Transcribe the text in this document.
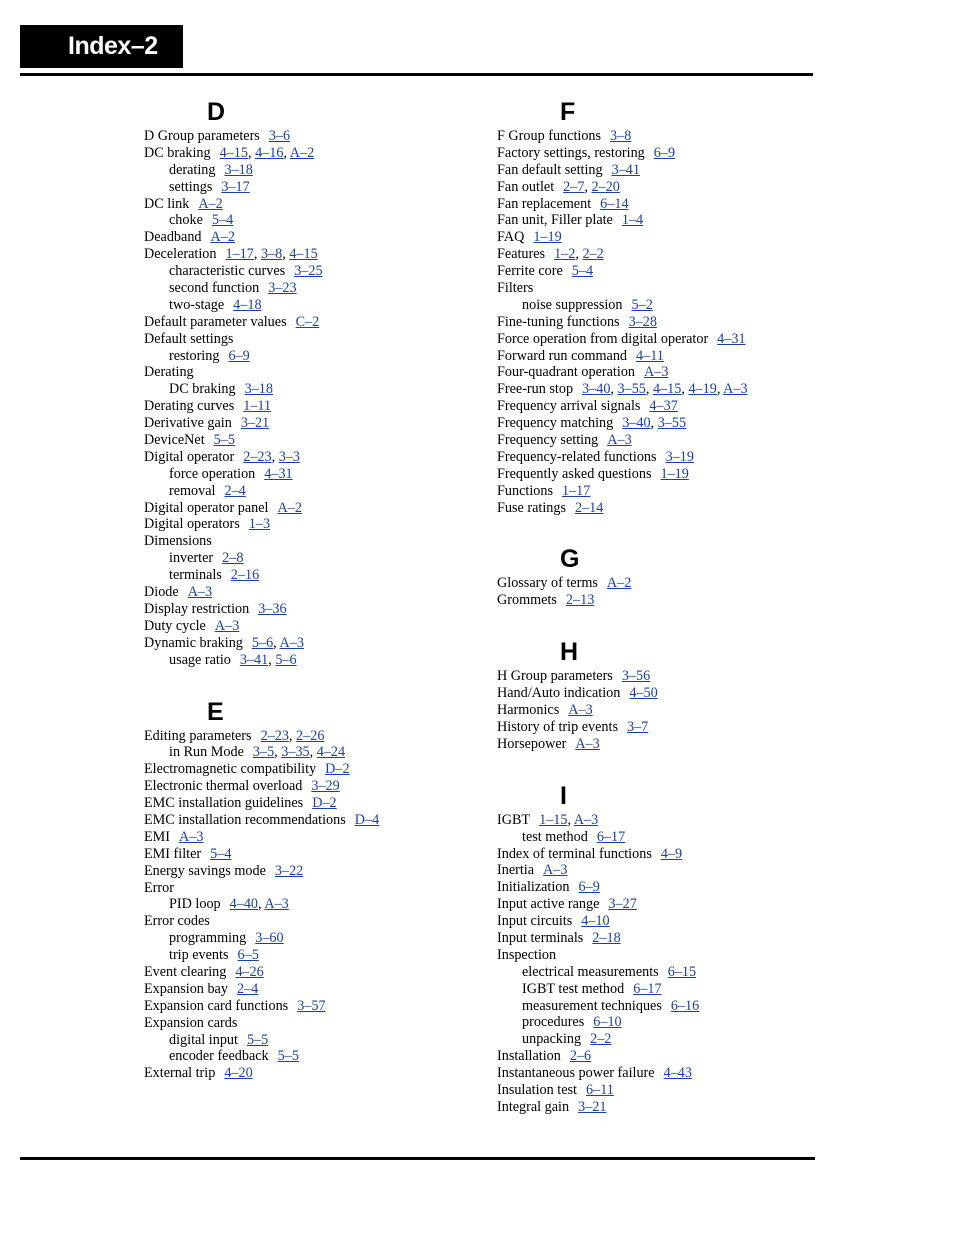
Index–2
D
D Group parameters 3–6
DC braking 4–15, 4–16, A–2
derating 3–18
settings 3–17
DC link A–2
choke 5–4
Deadband A–2
Deceleration 1–17, 3–8, 4–15
characteristic curves 3–25
second function 3–23
two-stage 4–18
Default parameter values C–2
Default settings
restoring 6–9
Derating
DC braking 3–18
Derating curves 1–11
Derivative gain 3–21
DeviceNet 5–5
Digital operator 2–23, 3–3
force operation 4–31
removal 2–4
Digital operator panel A–2
Digital operators 1–3
Dimensions
inverter 2–8
terminals 2–16
Diode A–3
Display restriction 3–36
Duty cycle A–3
Dynamic braking 5–6, A–3
usage ratio 3–41, 5–6
E
Editing parameters 2–23, 2–26
in Run Mode 3–5, 3–35, 4–24
Electromagnetic compatibility D–2
Electronic thermal overload 3–29
EMC installation guidelines D–2
EMC installation recommendations D–4
EMI A–3
EMI filter 5–4
Energy savings mode 3–22
Error
PID loop 4–40, A–3
Error codes
programming 3–60
trip events 6–5
Event clearing 4–26
Expansion bay 2–4
Expansion card functions 3–57
Expansion cards
digital input 5–5
encoder feedback 5–5
External trip 4–20
F
F Group functions 3–8
Factory settings, restoring 6–9
Fan default setting 3–41
Fan outlet 2–7, 2–20
Fan replacement 6–14
Fan unit, Filler plate 1–4
FAQ 1–19
Features 1–2, 2–2
Ferrite core 5–4
Filters
noise suppression 5–2
Fine-tuning functions 3–28
Force operation from digital operator 4–31
Forward run command 4–11
Four-quadrant operation A–3
Free-run stop 3–40, 3–55, 4–15, 4–19, A–3
Frequency arrival signals 4–37
Frequency matching 3–40, 3–55
Frequency setting A–3
Frequency-related functions 3–19
Frequently asked questions 1–19
Functions 1–17
Fuse ratings 2–14
G
Glossary of terms A–2
Grommets 2–13
H
H Group parameters 3–56
Hand/Auto indication 4–50
Harmonics A–3
History of trip events 3–7
Horsepower A–3
I
IGBT 1–15, A–3
test method 6–17
Index of terminal functions 4–9
Inertia A–3
Initialization 6–9
Input active range 3–27
Input circuits 4–10
Input terminals 2–18
Inspection
electrical measurements 6–15
IGBT test method 6–17
measurement techniques 6–16
procedures 6–10
unpacking 2–2
Installation 2–6
Instantaneous power failure 4–43
Insulation test 6–11
Integral gain 3–21
